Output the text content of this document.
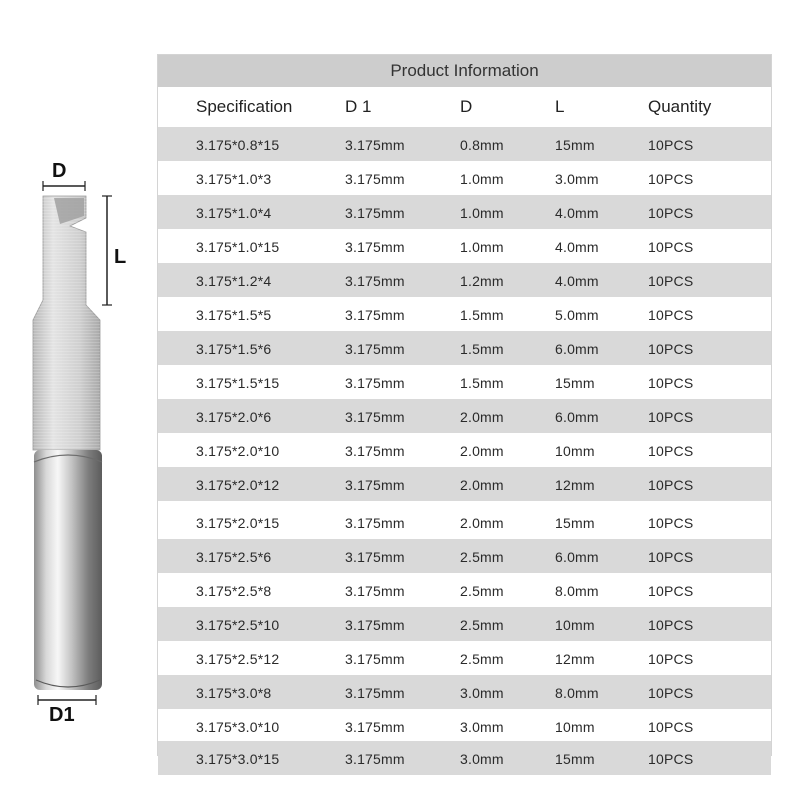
D
L
D1
Product Information
Specification	D 1	D	L	Quantity
3.175*0.8*15	3.175mm	0.8mm	15mm	10PCS
3.175*1.0*3	3.175mm	1.0mm	3.0mm	10PCS
3.175*1.0*4	3.175mm	1.0mm	4.0mm	10PCS
3.175*1.0*15	3.175mm	1.0mm	4.0mm	10PCS
3.175*1.2*4	3.175mm	1.2mm	4.0mm	10PCS
3.175*1.5*5	3.175mm	1.5mm	5.0mm	10PCS
3.175*1.5*6	3.175mm	1.5mm	6.0mm	10PCS
3.175*1.5*15	3.175mm	1.5mm	15mm	10PCS
3.175*2.0*6	3.175mm	2.0mm	6.0mm	10PCS
3.175*2.0*10	3.175mm	2.0mm	10mm	10PCS
3.175*2.0*12	3.175mm	2.0mm	12mm	10PCS
3.175*2.0*15	3.175mm	2.0mm	15mm	10PCS
3.175*2.5*6	3.175mm	2.5mm	6.0mm	10PCS
3.175*2.5*8	3.175mm	2.5mm	8.0mm	10PCS
3.175*2.5*10	3.175mm	2.5mm	10mm	10PCS
3.175*2.5*12	3.175mm	2.5mm	12mm	10PCS
3.175*3.0*8	3.175mm	3.0mm	8.0mm	10PCS
3.175*3.0*10	3.175mm	3.0mm	10mm	10PCS
3.175*3.0*15	3.175mm	3.0mm	15mm	10PCS
